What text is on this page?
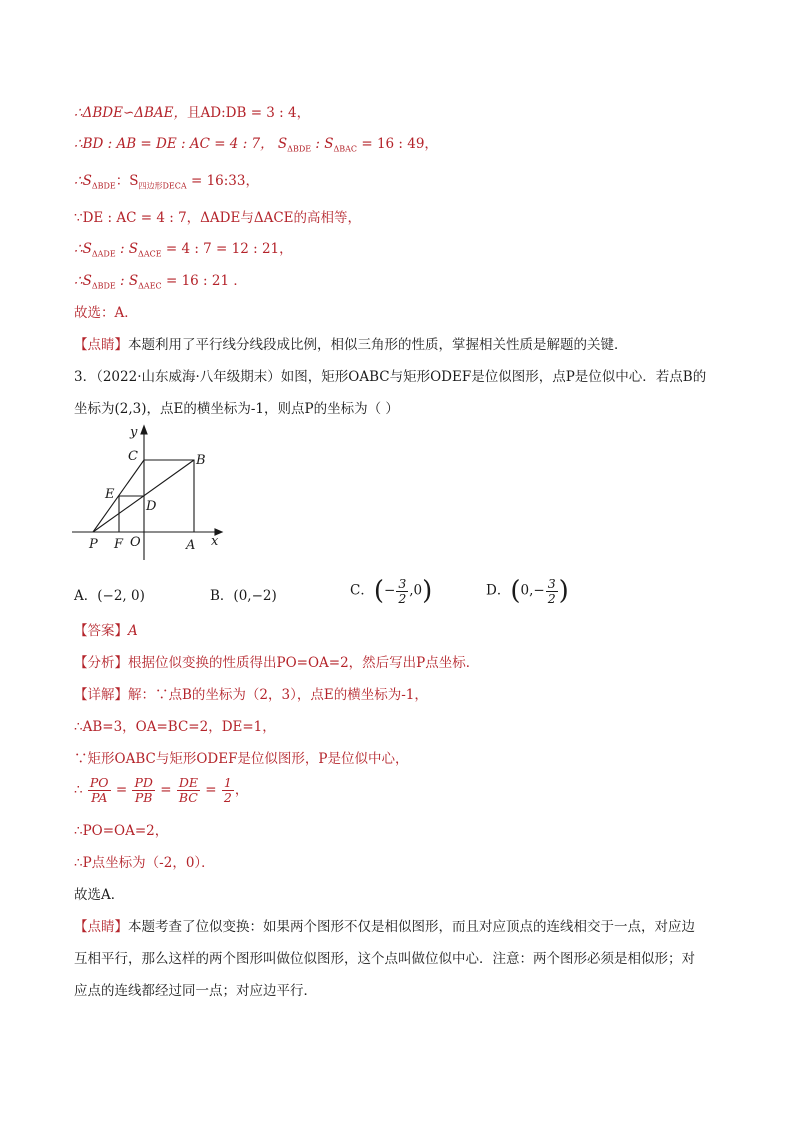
∴ΔBDE∽ΔBAE，且AD:DB = 3 : 4，
∴BD : AB = DE : AC = 4 : 7， $S_{\Delta BDE}$ : $S_{\Delta BAC} = 16$ : 49，
$\therefore S_{\Delta BDE}$：$S_{四边形DECA}$ = 16:33，
∵DE : AC = 4 : 7，ΔADE与ΔACE的高相等，
$\therefore S_{\Delta ADE}$ : $S_{\Delta ACE} = 4$ : 7 = 12 : 21，
$\therefore S_{\Delta BDE}$ : $S_{\Delta AEC} = 16$ : 21 ．
故选：A．
【点睛】本题利用了平行线分线段成比例，相似三角形的性质，掌握相关性质是解题的关键．
3．（2022·山东威海·八年级期末）如图，矩形OABC与矩形ODEF是位似图形，点P是位似中心．若点B的
坐标为(2,3)，点E的横坐标为-1，则点P的坐标为（ ）
y
x
C	B
E
D
P F O	A
A．(−2, 0)	B．(0,−2)	C．(− $\frac{3}{2} ,0$)	D．($0,- \frac{3}{2}$ )
【答案】A
【分析】根据位似变换的性质得出PO=OA=2，然后写出P点坐标．
【详解】解：∵点B的坐标为（2，3），点E的横坐标为-1，
∴AB=3，OA=BC=2，DE=1，
∵矩形OABC与矩形ODEF是位似图形，P是位似中心，
∴ $\frac{PO}{PA} = \frac{PD}{PB} = \frac{DE}{BC} = \frac{1}{2}$ ，
∴PO=OA=2，
∴P点坐标为（-2，0）．
故选A．
【点睛】本题考查了位似变换：如果两个图形不仅是相似图形，而且对应顶点的连线相交于一点，对应边
互相平行，那么这样的两个图形叫做位似图形，这个点叫做位似中心．注意：两个图形必须是相似形；对
应点的连线都经过同一点；对应边平行．
